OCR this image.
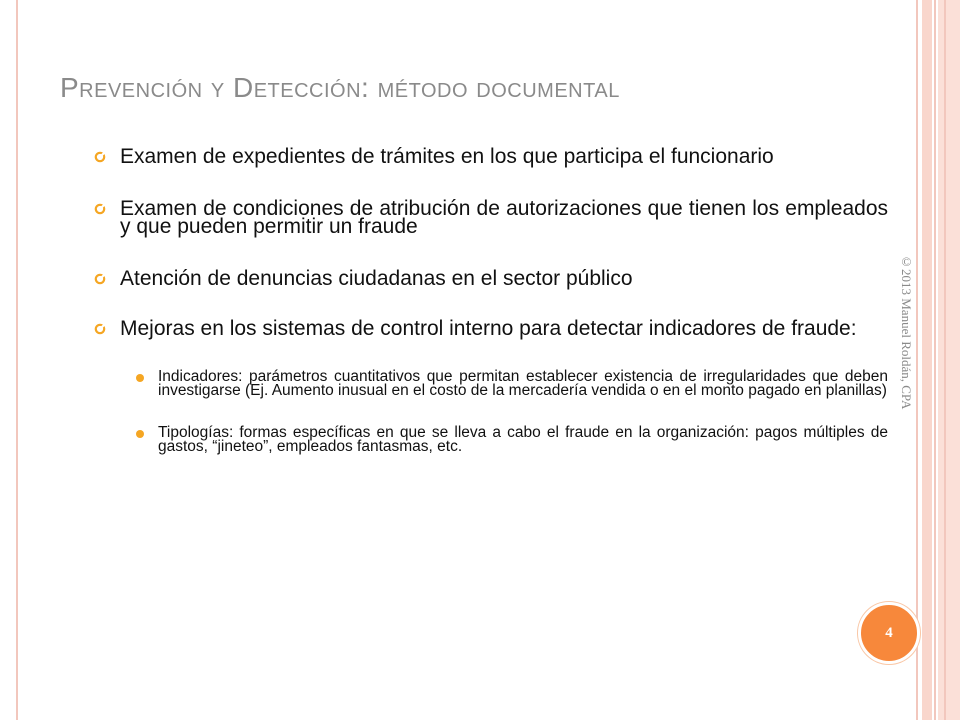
Prevención y Detección: método documental
Examen de expedientes de trámites en los que participa el funcionario
Examen de condiciones de atribución de autorizaciones que tienen los empleados y que pueden permitir un fraude
Atención de denuncias ciudadanas en el sector público
Mejoras en los sistemas de control interno para detectar indicadores de fraude:
Indicadores: parámetros cuantitativos que permitan establecer existencia de irregularidades que deben investigarse (Ej. Aumento inusual en el costo de la mercadería vendida o en el monto pagado en planillas)
Tipologías: formas específicas en que se lleva a cabo el fraude en la organización: pagos múltiples de gastos, “jineteo”, empleados fantasmas, etc.
©2013 Manuel Roldán, CPA
4
